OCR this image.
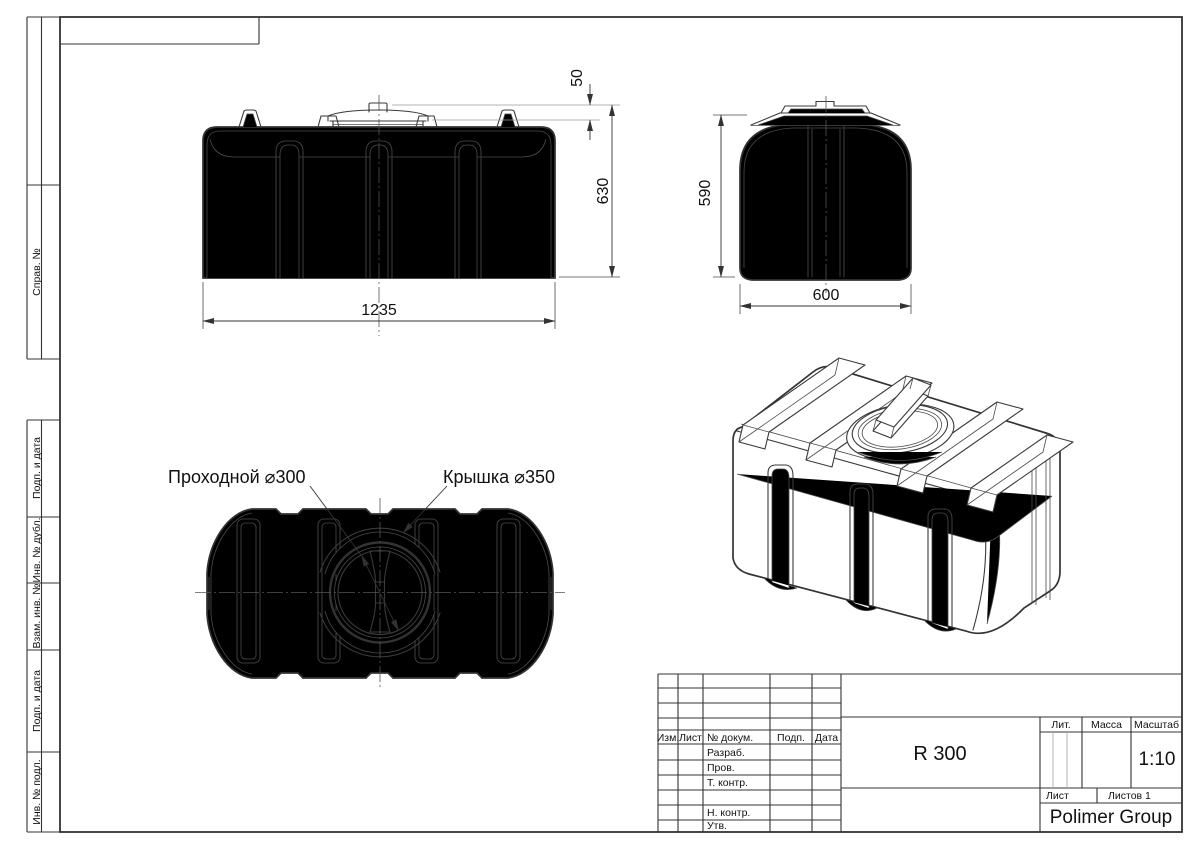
Справ. №
Подп. и дата
Инв. № дубл.
Взам. инв. №
Подп. и дата
Инв. № подл.
1235
630
50
590
600
Проходной ⌀300	Крышка ⌀350
Изм. Лист № докум. Подп. Дата
Разраб.
Пров.
Т. контр.
Н. контр.
Утв.
R 300
Лит. Масса Масштаб
1:10
Лист	Листов 1
Polimer Group
